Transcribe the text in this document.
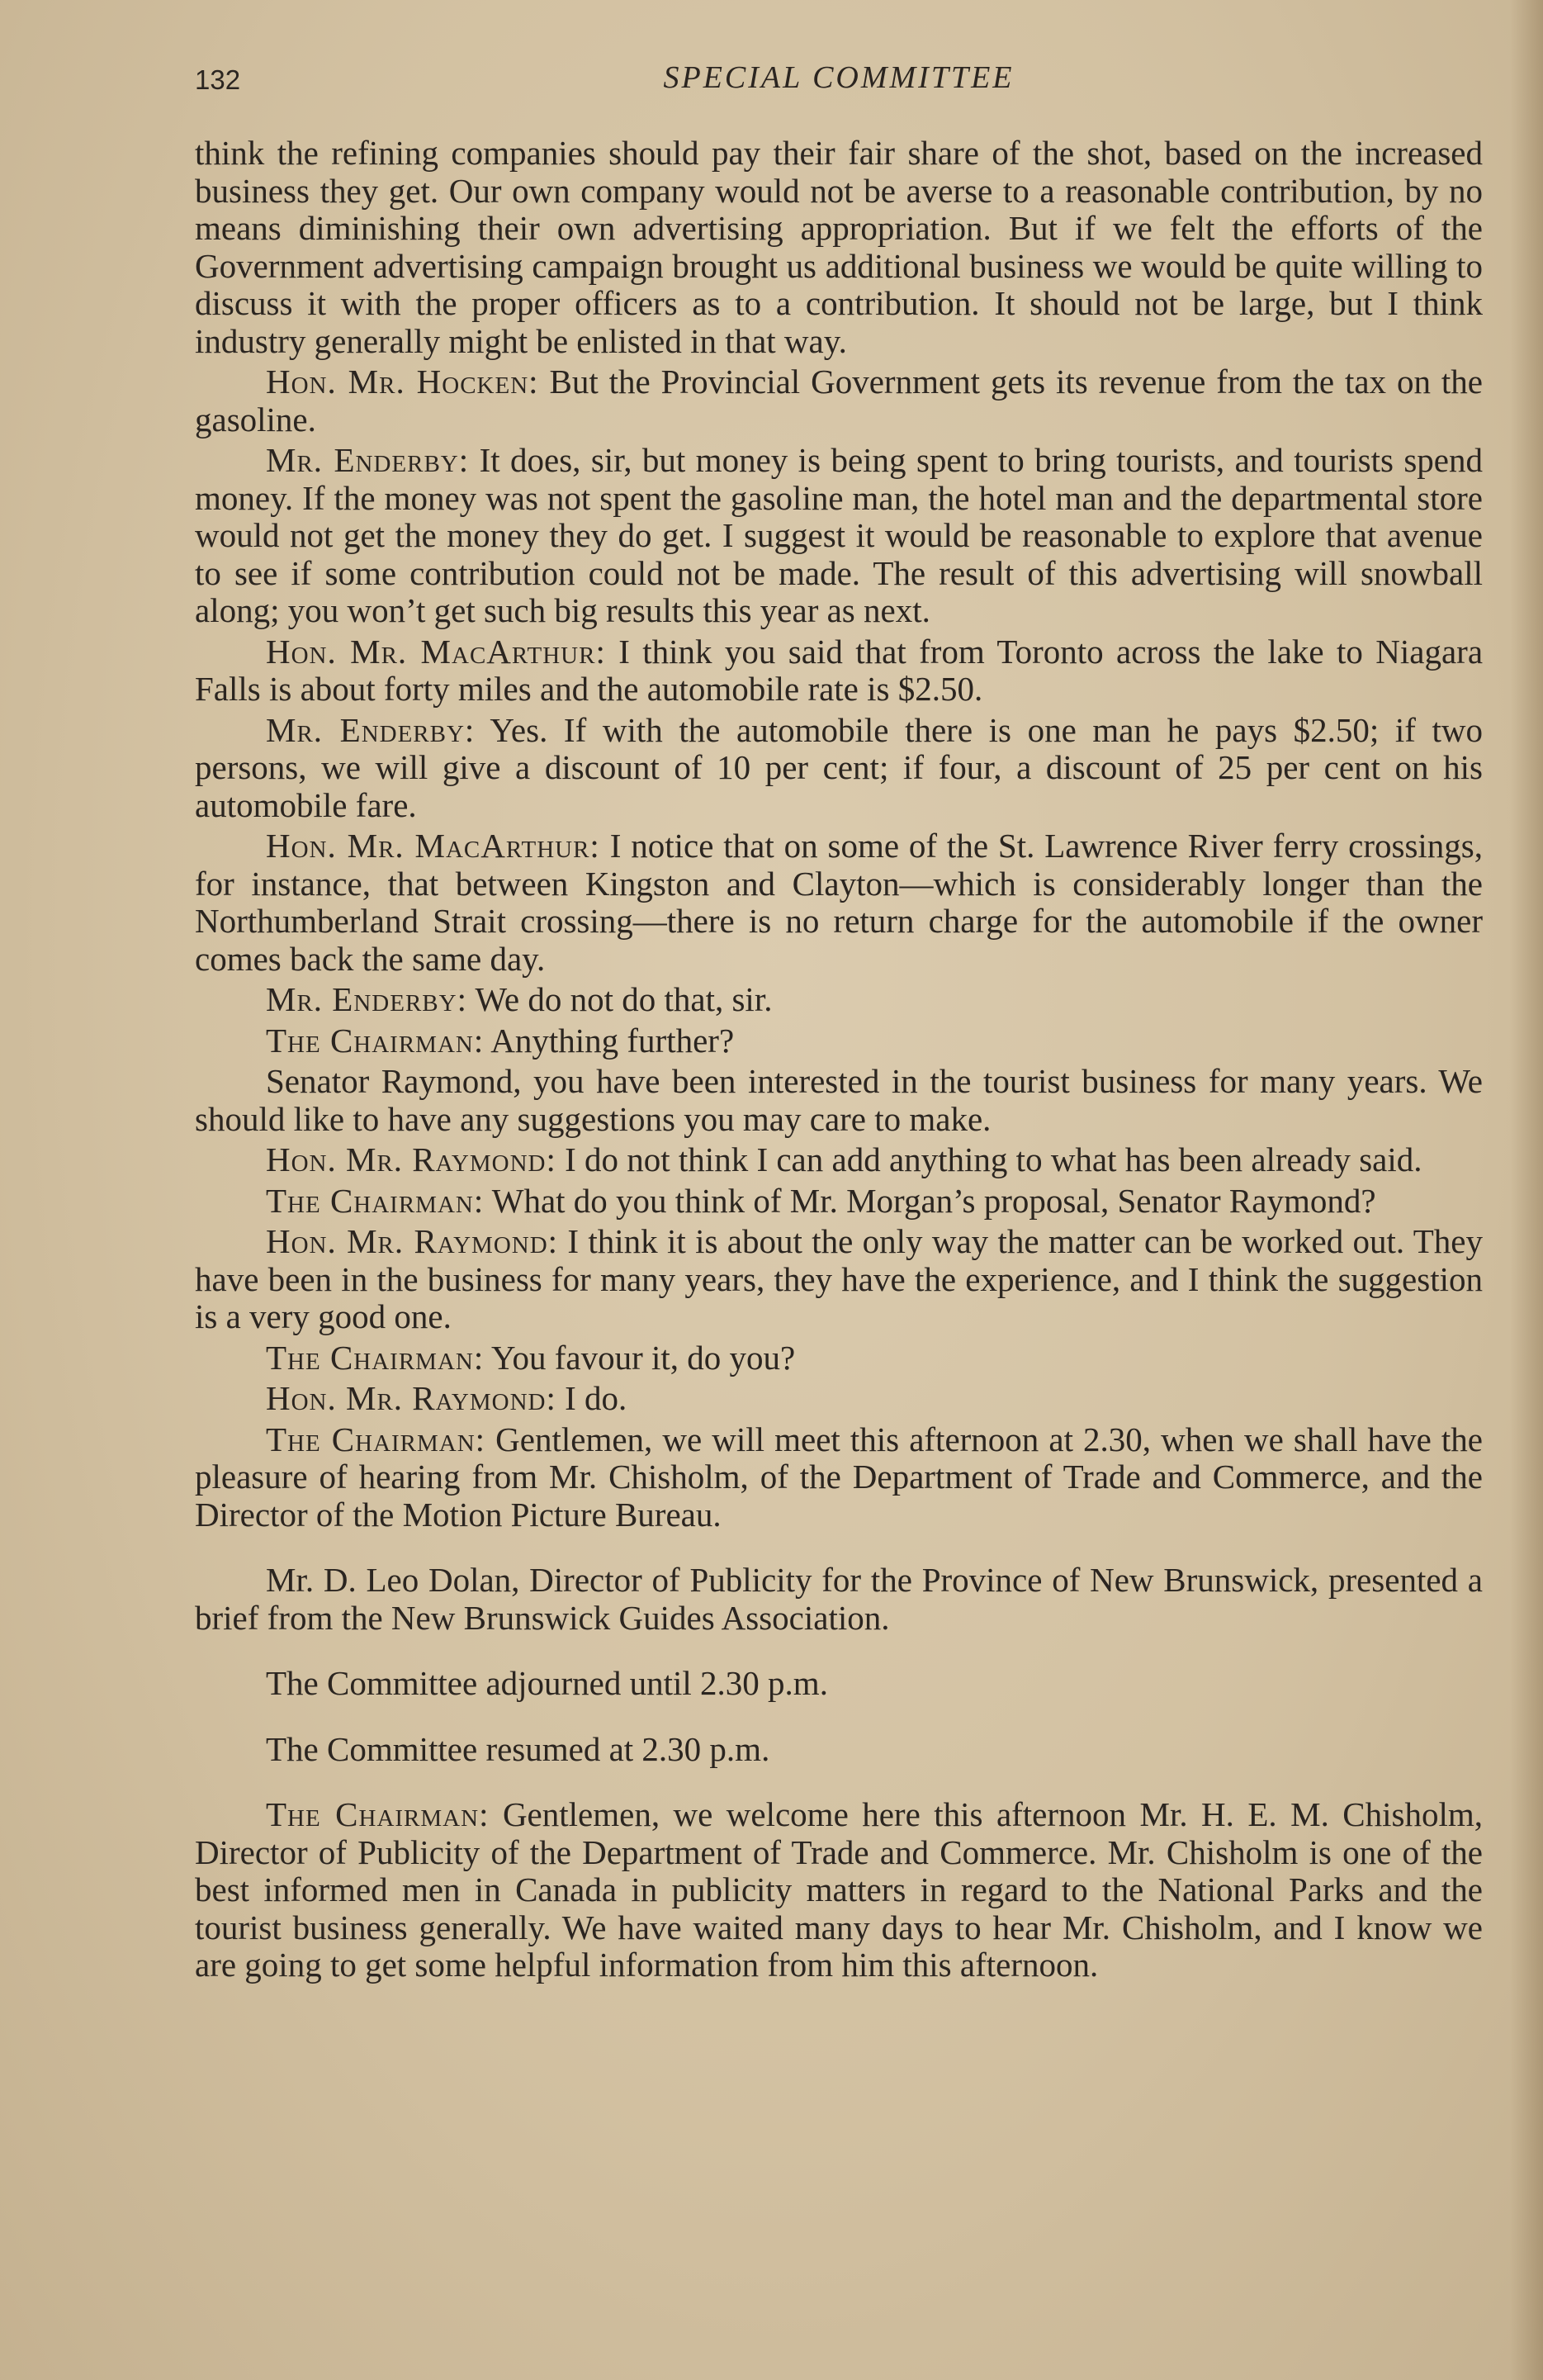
132	SPECIAL COMMITTEE

think the refining companies should pay their fair share of the shot, based on the increased business they get. Our own company would not be averse to a reasonable contribution, by no means diminishing their own advertising appropriation. But if we felt the efforts of the Government advertising campaign brought us additional business we would be quite willing to discuss it with the proper officers as to a contribution. It should not be large, but I think industry generally might be enlisted in that way.

Hon. Mr. Hocken: But the Provincial Government gets its revenue from the tax on the gasoline.

Mr. Enderby: It does, sir, but money is being spent to bring tourists, and tourists spend money. If the money was not spent the gasoline man, the hotel man and the departmental store would not get the money they do get. I suggest it would be reasonable to explore that avenue to see if some contribution could not be made. The result of this advertising will snowball along; you won’t get such big results this year as next.

Hon. Mr. MacArthur: I think you said that from Toronto across the lake to Niagara Falls is about forty miles and the automobile rate is $2.50.

Mr. Enderby: Yes. If with the automobile there is one man he pays $2.50; if two persons, we will give a discount of 10 per cent; if four, a discount of 25 per cent on his automobile fare.

Hon. Mr. MacArthur: I notice that on some of the St. Lawrence River ferry crossings, for instance, that between Kingston and Clayton—which is considerably longer than the Northumberland Strait crossing—there is no return charge for the automobile if the owner comes back the same day.

Mr. Enderby: We do not do that, sir.

The Chairman: Anything further?

Senator Raymond, you have been interested in the tourist business for many years. We should like to have any suggestions you may care to make.

Hon. Mr. Raymond: I do not think I can add anything to what has been already said.

The Chairman: What do you think of Mr. Morgan’s proposal, Senator Raymond?

Hon. Mr. Raymond: I think it is about the only way the matter can be worked out. They have been in the business for many years, they have the experience, and I think the suggestion is a very good one.

The Chairman: You favour it, do you?

Hon. Mr. Raymond: I do.

The Chairman: Gentlemen, we will meet this afternoon at 2.30, when we shall have the pleasure of hearing from Mr. Chisholm, of the Department of Trade and Commerce, and the Director of the Motion Picture Bureau.

Mr. D. Leo Dolan, Director of Publicity for the Province of New Brunswick, presented a brief from the New Brunswick Guides Association.

The Committee adjourned until 2.30 p.m.

The Committee resumed at 2.30 p.m.

The Chairman: Gentlemen, we welcome here this afternoon Mr. H. E. M. Chisholm, Director of Publicity of the Department of Trade and Commerce. Mr. Chisholm is one of the best informed men in Canada in publicity matters in regard to the National Parks and the tourist business generally. We have waited many days to hear Mr. Chisholm, and I know we are going to get some helpful information from him this afternoon.
